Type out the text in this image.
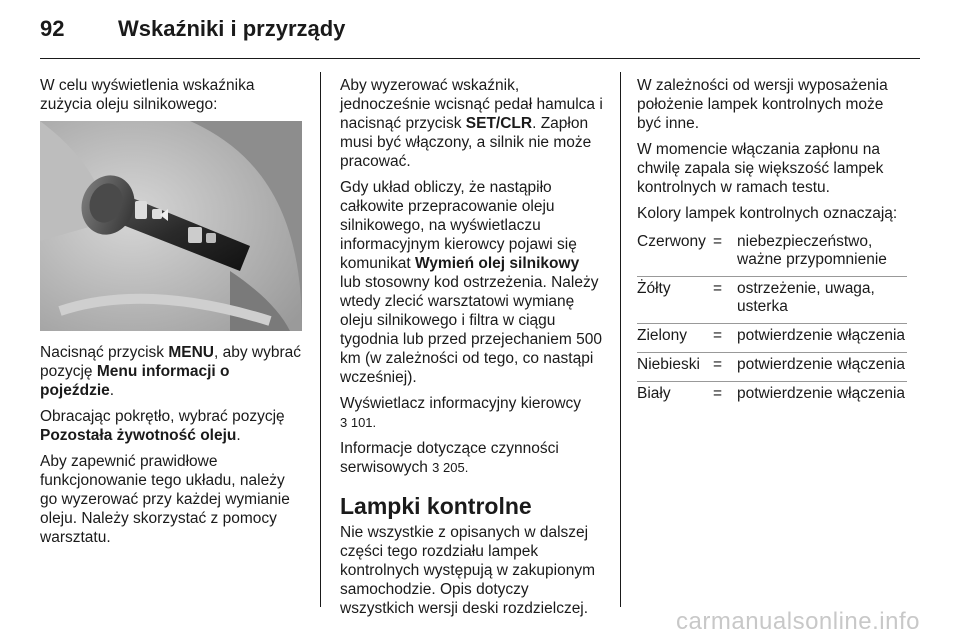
92 Wskaźniki i przyrządy

W celu wyświetlenia wskaźnika zużycia oleju silnikowego:

Nacisnąć przycisk MENU, aby wybrać pozycję Menu informacji o pojeździe.

Obracając pokrętło, wybrać pozycję Pozostała żywotność oleju.

Aby zapewnić prawidłowe funkcjonowanie tego układu, należy go wyzerować przy każdej wymianie oleju. Należy skorzystać z pomocy warsztatu.

Aby wyzerować wskaźnik, jednocześnie wcisnąć pedał hamulca i nacisnąć przycisk SET/CLR. Zapłon musi być włączony, a silnik nie może pracować.

Gdy układ obliczy, że nastąpiło całkowite przepracowanie oleju silnikowego, na wyświetlaczu informacyjnym kierowcy pojawi się komunikat Wymień olej silnikowy lub stosowny kod ostrzeżenia. Należy wtedy zlecić warsztatowi wymianę oleju silnikowego i filtra w ciągu tygodnia lub przed przejechaniem 500 km (w zależności od tego, co nastąpi wcześniej).

Wyświetlacz informacyjny kierowcy
3 101.

Informacje dotyczące czynności serwisowych 3 205.

Lampki kontrolne

Nie wszystkie z opisanych w dalszej części tego rozdziału lampek kontrolnych występują w zakupionym samochodzie. Opis dotyczy wszystkich wersji deski rozdzielczej.

W zależności od wersji wyposażenia położenie lampek kontrolnych może być inne.

W momencie włączania zapłonu na chwilę zapala się większość lampek kontrolnych w ramach testu.

Kolory lampek kontrolnych oznaczają:

Czerwony	=	niebezpieczeństwo, ważne przypomnienie
Żółty	=	ostrzeżenie, uwaga, usterka
Zielony	=	potwierdzenie włączenia
Niebieski	=	potwierdzenie włączenia
Biały	=	potwierdzenie włączenia
carmanualsonline.info
